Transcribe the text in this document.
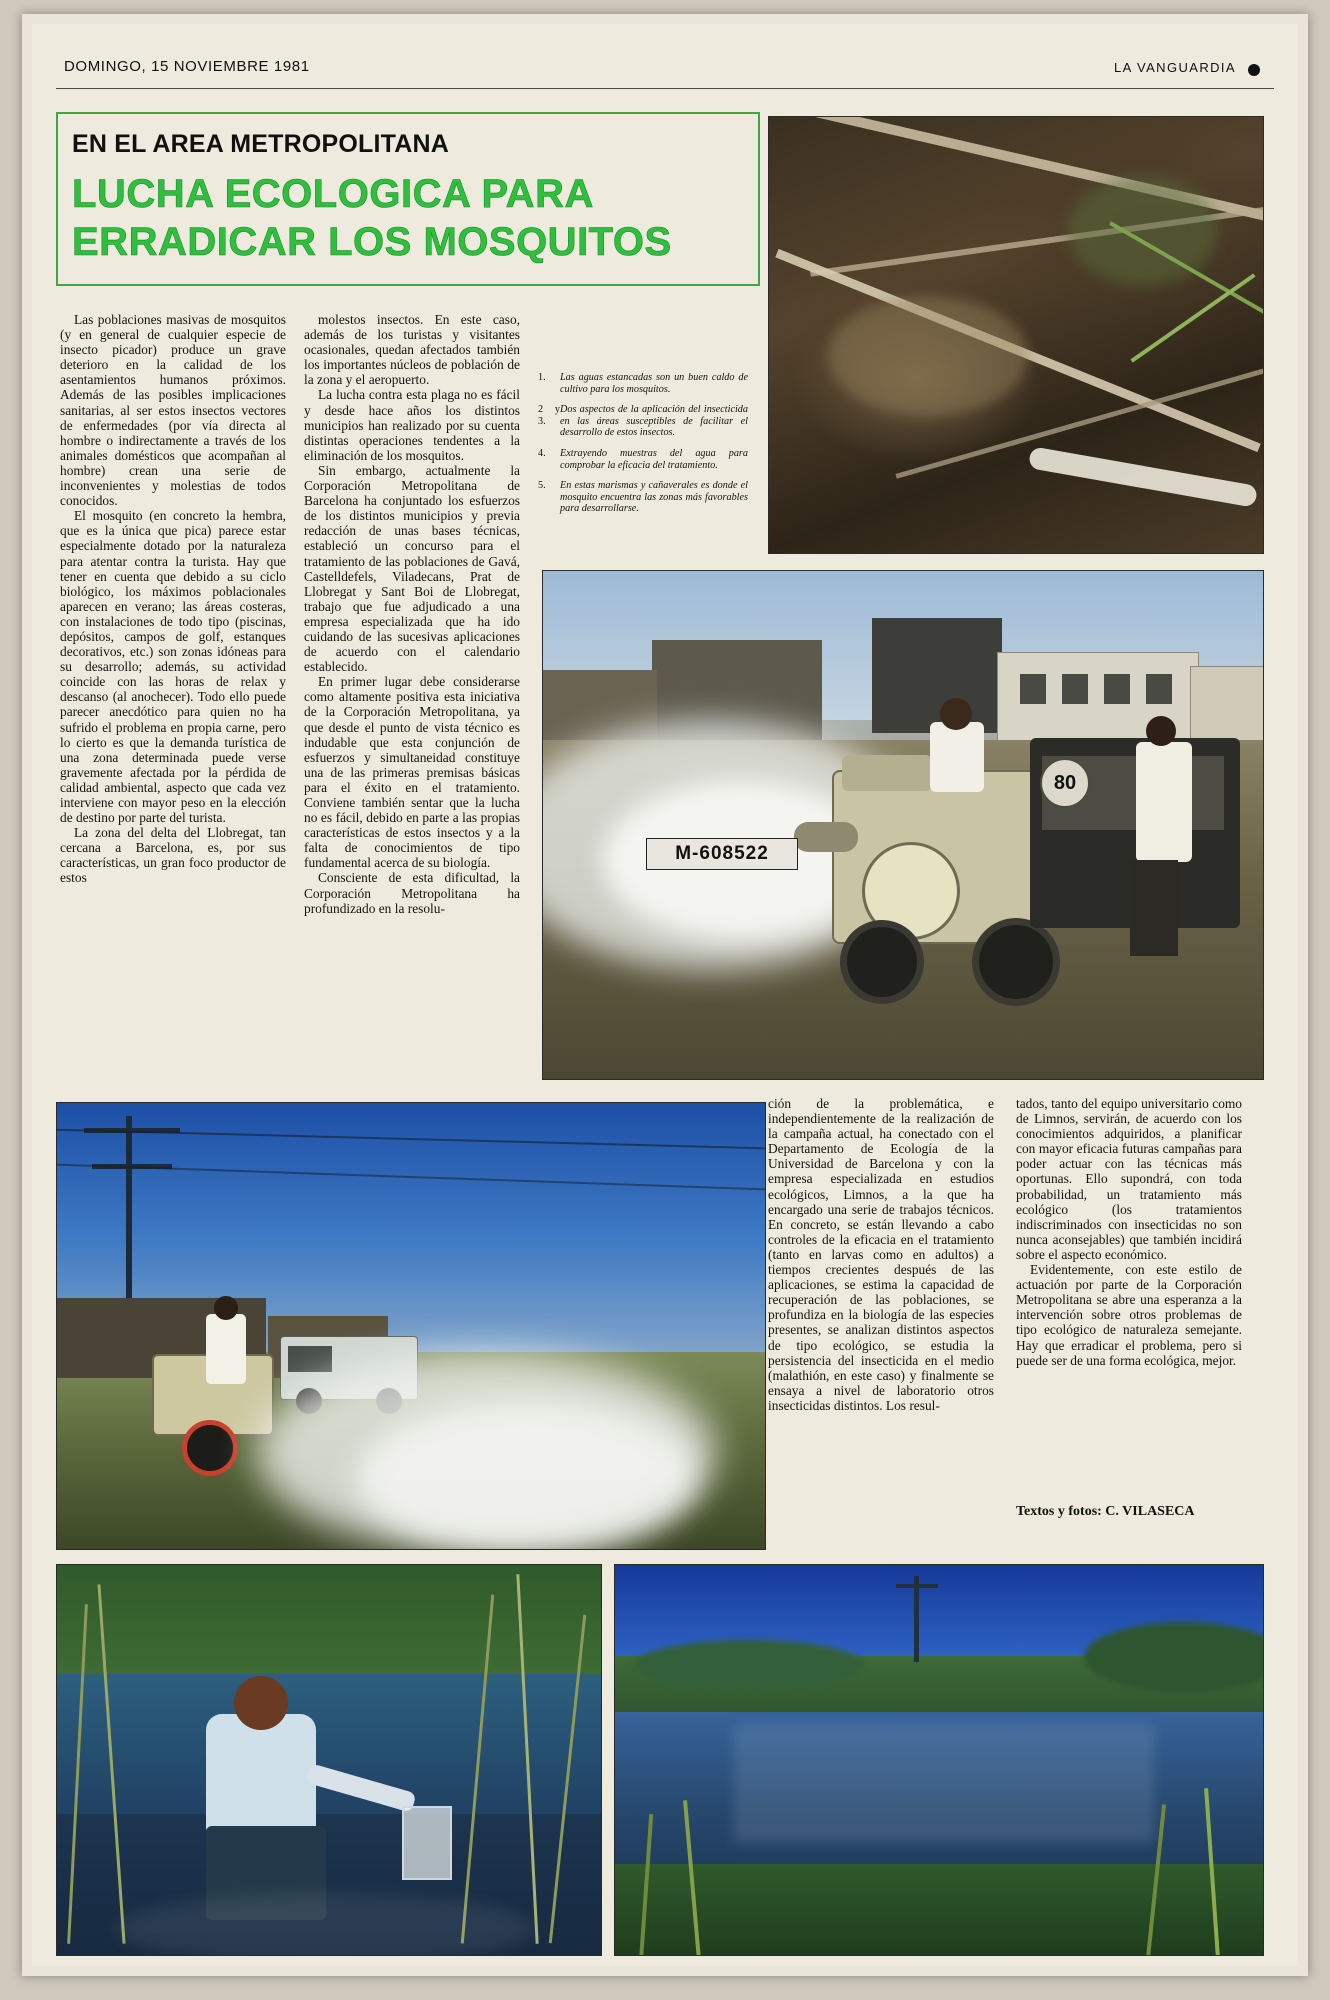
DOMINGO, 15 NOVIEMBRE 1981	LA VANGUARDIA
EN EL AREA METROPOLITANA
LUCHA ECOLOGICA PARA
ERRADICAR LOS MOSQUITOS
M-608522
80

Las poblaciones masivas de mosquitos (y en general de cualquier especie de insecto picador) produce un grave deterioro en la calidad de los asentamientos humanos próximos. Además de las posibles implicaciones sanitarias, al ser estos insectos vectores de enfermedades (por vía directa al hombre o indirectamente a través de los animales domésticos que acompañan al hombre) crean una serie de inconvenientes y molestias de todos conocidos.

El mosquito (en concreto la hembra, que es la única que pica) parece estar especialmente dotado por la naturaleza para atentar contra la turista. Hay que tener en cuenta que debido a su ciclo biológico, los máximos poblacionales aparecen en verano; las áreas costeras, con instalaciones de todo tipo (piscinas, depósitos, campos de golf, estanques decorativos, etc.) son zonas idóneas para su desarrollo; además, su actividad coincide con las horas de relax y descanso (al anochecer). Todo ello puede parecer anecdótico para quien no ha sufrido el problema en propia carne, pero lo cierto es que la demanda turística de una zona determinada puede verse gravemente afectada por la pérdida de calidad ambiental, aspecto que cada vez interviene con mayor peso en la elección de destino por parte del turista.

La zona del delta del Llobregat, tan cercana a Barcelona, es, por sus características, un gran foco productor de estos

molestos insectos. En este caso, además de los turistas y visitantes ocasionales, quedan afectados también los importantes núcleos de población de la zona y el aeropuerto.

La lucha contra esta plaga no es fácil y desde hace años los distintos municipios han realizado por su cuenta distintas operaciones tendentes a la eliminación de los mosquitos.

Sin embargo, actualmente la Corporación Metropolitana de Barcelona ha conjuntado los esfuerzos de los distintos municipios y previa redacción de unas bases técnicas, estableció un concurso para el tratamiento de las poblaciones de Gavá, Castelldefels, Viladecans, Prat de Llobregat y Sant Boi de Llobregat, trabajo que fue adjudicado a una empresa especializada que ha ido cuidando de las sucesivas aplicaciones de acuerdo con el calendario establecido.

En primer lugar debe considerarse como altamente positiva esta iniciativa de la Corporación Metropolitana, ya que desde el punto de vista técnico es indudable que esta conjunción de esfuerzos y simultaneidad constituye una de las primeras premisas básicas para el éxito en el tratamiento. Conviene también sentar que la lucha no es fácil, debido en parte a las propias características de estos insectos y a la falta de conocimientos de tipo fundamental acerca de su biología.

Consciente de esta dificultad, la Corporación Metropolitana ha profundizado en la resolu-

1.	Las aguas estancadas son un buen caldo de cultivo para los mosquitos.
2 y 3.
Dos aspectos de la aplicación del insecticida en las áreas susceptibles de facilitar el desarrollo de estos insectos.
4.	Extrayendo muestras del agua para comprobar la eficacia del tratamiento.
5.	En estas marismas y cañaverales es donde el mosquito encuentra las zonas más favorables para desarrollarse.

ción de la problemática, e independientemente de la realización de la campaña actual, ha conectado con el Departamento de Ecología de la Universidad de Barcelona y con la empresa especializada en estudios ecológicos, Limnos, a la que ha encargado una serie de trabajos técnicos. En concreto, se están llevando a cabo controles de la eficacia en el tratamiento (tanto en larvas como en adultos) a tiempos crecientes después de las aplicaciones, se estima la capacidad de recuperación de las poblaciones, se profundiza en la biología de las especies presentes, se analizan distintos aspectos de tipo ecológico, se estudia la persistencia del insecticida en el medio (malathión, en este caso) y finalmente se ensaya a nivel de laboratorio otros insecticidas distintos. Los resul-

tados, tanto del equipo universitario como de Limnos, servirán, de acuerdo con los conocimientos adquiridos, a planificar con mayor eficacia futuras campañas para poder actuar con las técnicas más oportunas. Ello supondrá, con toda probabilidad, un tratamiento más ecológico (los tratamientos indiscriminados con insecticidas no son nunca aconsejables) que también incidirá sobre el aspecto económico.

Evidentemente, con este estilo de actuación por parte de la Corporación Metropolitana se abre una esperanza a la intervención sobre otros problemas de tipo ecológico de naturaleza semejante. Hay que erradicar el problema, pero si puede ser de una forma ecológica, mejor.

Textos y fotos: C. VILASECA
